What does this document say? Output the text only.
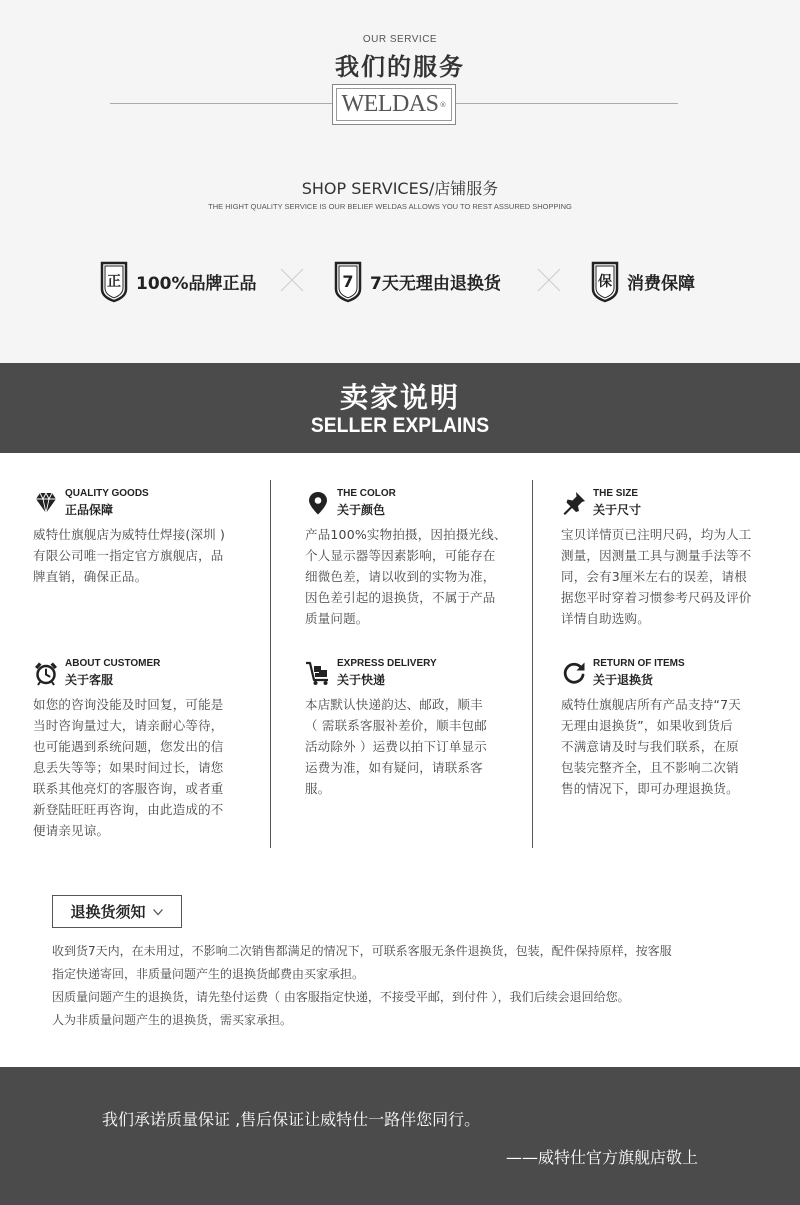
OUR SERVICE
我们的服务
WELDAS ®
SHOP SERVICES/店铺服务
THE HIGHT QUALITY SERVICE IS OUR BELIEF WELDAS ALLOWS YOU TO REST ASSURED SHOPPING
正 100%品牌正品	7 7天无理由退换货	保 消费保障
卖家说明
SELLER EXPLAINS
QUALITY GOODS
正品保障
威特仕旗舰店为威特仕焊接(深圳 )
有限公司唯一指定官方旗舰店，品
牌直销，确保正品。
THE COLOR
关于颜色
产品100%实物拍摄，因拍摄光线、
个人显示器等因素影响，可能存在
细微色差，请以收到的实物为准，
因色差引起的退换货，不属于产品
质量问题。
THE SIZE
关于尺寸
宝贝详情页已注明尺码，均为人工
测量，因测量工具与测量手法等不
同，会有3厘米左右的误差，请根
据您平时穿着习惯参考尺码及评价
详情自助选购。
ABOUT CUSTOMER
关于客服
如您的咨询没能及时回复，可能是
当时咨询量过大，请亲耐心等待，
也可能遇到系统问题，您发出的信
息丢失等等；如果时间过长，请您
联系其他亮灯的客服咨询，或者重
新登陆旺旺再咨询，由此造成的不
便请亲见谅。
EXPRESS DELIVERY
关于快递
本店默认快递韵达、邮政，顺丰
（ 需联系客服补差价，顺丰包邮
活动除外 ）运费以拍下订单显示
运费为准，如有疑问，请联系客
服。
RETURN OF ITEMS
关于退换货
威特仕旗舰店所有产品支持“7天
无理由退换货”，如果收到货后
不满意请及时与我们联系，在原
包装完整齐全，且不影响二次销
售的情况下，即可办理退换货。
退换货须知
收到货7天内，在未用过，不影响二次销售都满足的情况下，可联系客服无条件退换货，包装，配件保持原样，按客服
指定快递寄回，非质量问题产生的退换货邮费由买家承担。
因质量问题产生的退换货，请先垫付运费（ 由客服指定快递，不接受平邮，到付件 ），我们后续会退回给您。
人为非质量问题产生的退换货，需买家承担。
我们承诺质量保证 ,售后保证让威特仕一路伴您同行。
——威特仕官方旗舰店敬上
